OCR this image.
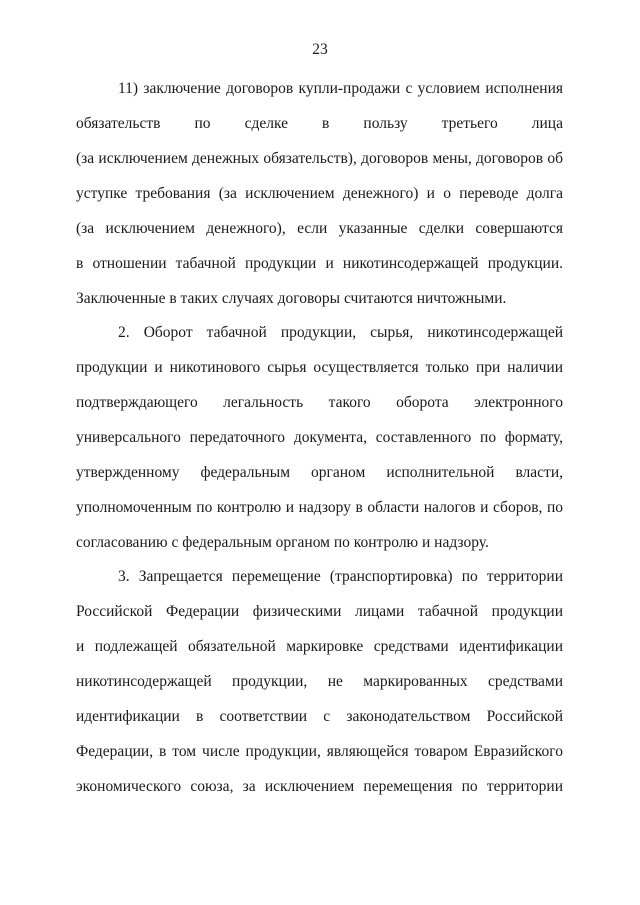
23
11) заключение договоров купли-продажи с условием исполнения
обязательств по сделке в пользу третьего лица
(за исключением денежных обязательств), договоров мены, договоров об
уступке требования (за исключением денежного) и о переводе долга
(за исключением денежного), если указанные сделки совершаются
в отношении табачной продукции и никотинсодержащей продукции.
Заключенные в таких случаях договоры считаются ничтожными.
2. Оборот табачной продукции, сырья, никотинсодержащей
продукции и никотинового сырья осуществляется только при наличии
подтверждающего легальность такого оборота электронного
универсального передаточного документа, составленного по формату,
утвержденному федеральным органом исполнительной власти,
уполномоченным по контролю и надзору в области налогов и сборов, по
согласованию с федеральным органом по контролю и надзору.
3. Запрещается перемещение (транспортировка) по территории
Российской Федерации физическими лицами табачной продукции
и подлежащей обязательной маркировке средствами идентификации
никотинсодержащей продукции, не маркированных средствами
идентификации в соответствии с законодательством Российской
Федерации, в том числе продукции, являющейся товаром Евразийского
экономического союза, за исключением перемещения по территории
